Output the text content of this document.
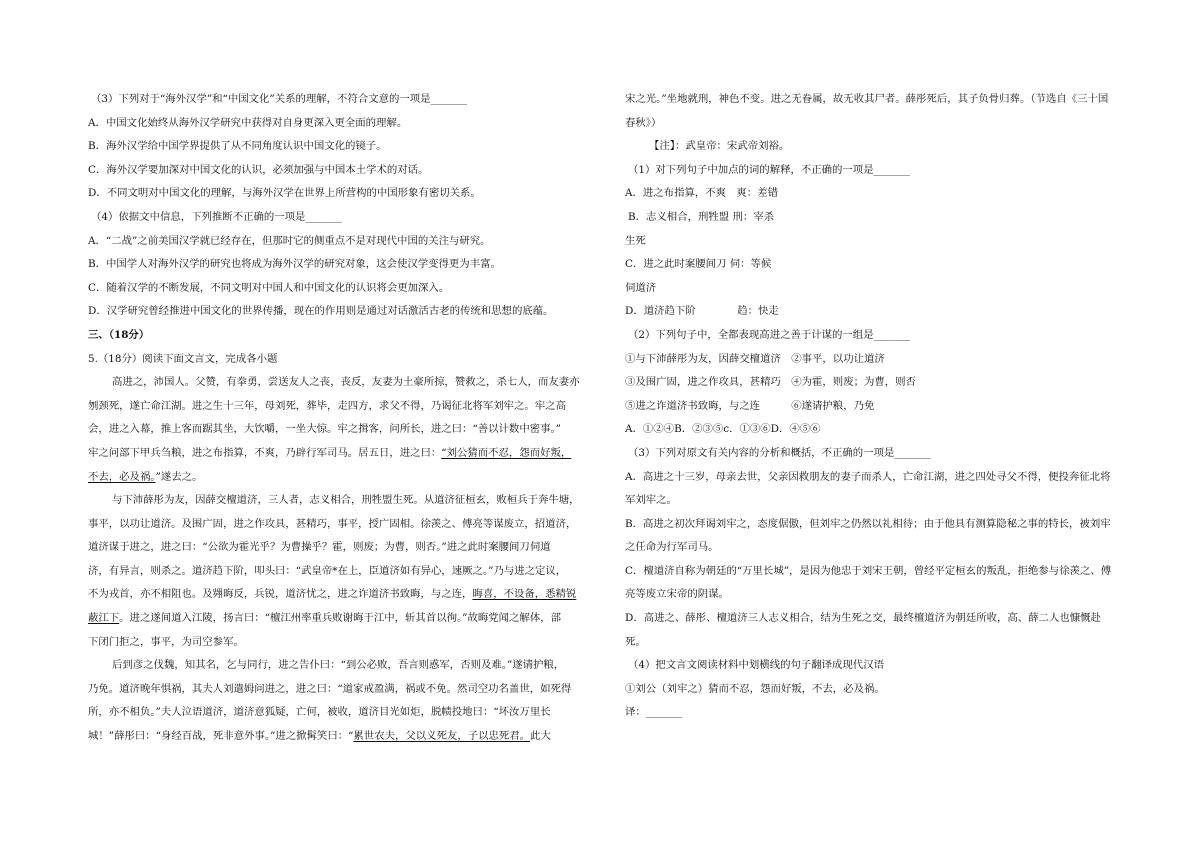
（3）下列对于“海外汉学”和“中国文化”关系的理解，不符合文意的一项是_______

A．中国文化始终从海外汉学研究中获得对自身更深入更全面的理解。

B．海外汉学给中国学界提供了从不同角度认识中国文化的镜子。

C．海外汉学要加深对中国文化的认识，必须加强与中国本土学术的对话。

D．不同文明对中国文化的理解，与海外汉学在世界上所营构的中国形象有密切关系。

（4）依据文中信息，下列推断不正确的一项是_______

A．“二战”之前美国汉学就已经存在，但那时它的侧重点不是对现代中国的关注与研究。

B．中国学人对海外汉学的研究也将成为海外汉学的研究对象，这会使汉学变得更为丰富。

C．随着汉学的不断发展，不同文明对中国人和中国文化的认识将会更加深入。

D．汉学研究曾经推进中国文化的世界传播，现在的作用则是通过对话激活古老的传统和思想的底蕴。

三、（18分）

5.（18分）阅读下面文言文，完成各小题

高进之，沛国人。父赞，有拳勇，尝送友人之丧，丧反，友妻为土豪所掠，赞救之，杀七人，而友妻亦

刎颈死，遂亡命江湖。进之生十三年，母刘死，葬毕，走四方，求父不得，乃谒征北将军刘牢之。牢之高

会，进之入幕，推上客而踞其坐，大饮嚼，一坐大惊。牢之揖客，问所长，进之曰：“善以计数中密事。”

牢之问部下甲兵刍粮，进之布指算，不爽，乃辟行军司马。居五日，进之曰：“刘公猜而不忍，怨而好叛，

不去，必及祸。”遂去之。

与下沛薛彤为友，因薛交檀道济，三人者，志义相合，刑牲盟生死。从道济征桓玄，败桓兵于奔牛塘，

事平，以功让道济。及围广固，进之作攻具，甚精巧，事平，授广固相。徐羡之、傅亮等谋废立，招道济，

道济谋于进之，进之曰：“公欲为霍光乎？为曹操乎？霍，则废；为曹，则否。”进之此时案腰间刀伺道

济，有异言，则杀之。道济趋下阶，叩头曰：“武皇帝*在上，臣道济如有异心，速厥之。”乃与进之定议，

不为戎首，亦不相阻也。及翙晦反，兵锐，道济忧之，进之诈道济书致晦，与之连，晦喜，不设备，悉精锐

蔽江下。进之遂间道入江陵，扬言曰：“檀江州率重兵败谢晦于江中，斩其首以徇。”故晦党闻之解体，部

下闭门拒之，事平，为司空参军。

后到彦之伐魏，知其名，乞与同行，进之告仆曰：“到公必败，吾言则惑军，否则及难。”遂请护粮，

乃免。道济晚年惧祸，其夫人刘遣姆问进之，进之曰：“道家戒盈满，祸或不免。然司空功名盖世，如死得

所，亦不相负。”夫人泣语道济，道济意狐疑，亡何，被收，道济目光如炬，脱帻投地曰：“坏汝万里长

城！”薛彤曰：“身经百战，死非意外事。”进之掀髯笑曰：“累世农夫，父以义死友，子以忠死君。此大

宋之光。”坐地就刑，神色不变。进之无眷属，故无收其尸者。薛彤死后，其子负骨归葬。（节选自《三十国

春秋》）

【注】：武皇帝：宋武帝刘裕。

（1）对下列句子中加点的词的解释，不正确的一项是_______

A．进之布指算，不爽　爽：差错

B．志义相合，刑牲盟 刑：宰杀

生死

C．进之此时案腰间刀 伺：等候

伺道济

D．道济趋下阶　　　　趋：快走

（2）下列句子中，全都表现高进之善于计谋的一组是_______

①与下沛薛彤为友，因薛交檀道济　②事平，以功让道济

③及围广固，进之作攻具，甚精巧　④为霍，则废；为曹，则否

⑤进之诈道济书致晦，与之连　　　⑥遂请护粮，乃免

A．①②④B．②③⑤c．①③⑥D．④⑤⑥

（3）下列对原文有关内容的分析和概括，不正确的一项是_______

A．高进之十三岁，母亲去世，父亲因救朋友的妻子而杀人，亡命江湖，进之四处寻父不得，便投奔征北将

军刘牢之。

B．高进之初次拜谒刘牢之，态度倨傲，但刘牢之仍然以礼相待；由于他具有测算隐秘之事的特长，被刘牢

之任命为行军司马。

C．檀道济自称为朝廷的“万里长城”，是因为他忠于刘宋王朝，曾经平定桓玄的叛乱，拒绝参与徐羡之、傅

亮等废立宋帝的阴谋。

D．高进之、薛彤、檀道济三人志义相合，结为生死之交，最终檀道济为朝廷所收，高、薛二人也慷慨赴

死。

（4）把文言文阅读材料中划横线的句子翻译成现代汉语

①刘公（刘牢之）猜而不忍，怨而好叛，不去，必及祸。

译：_______
